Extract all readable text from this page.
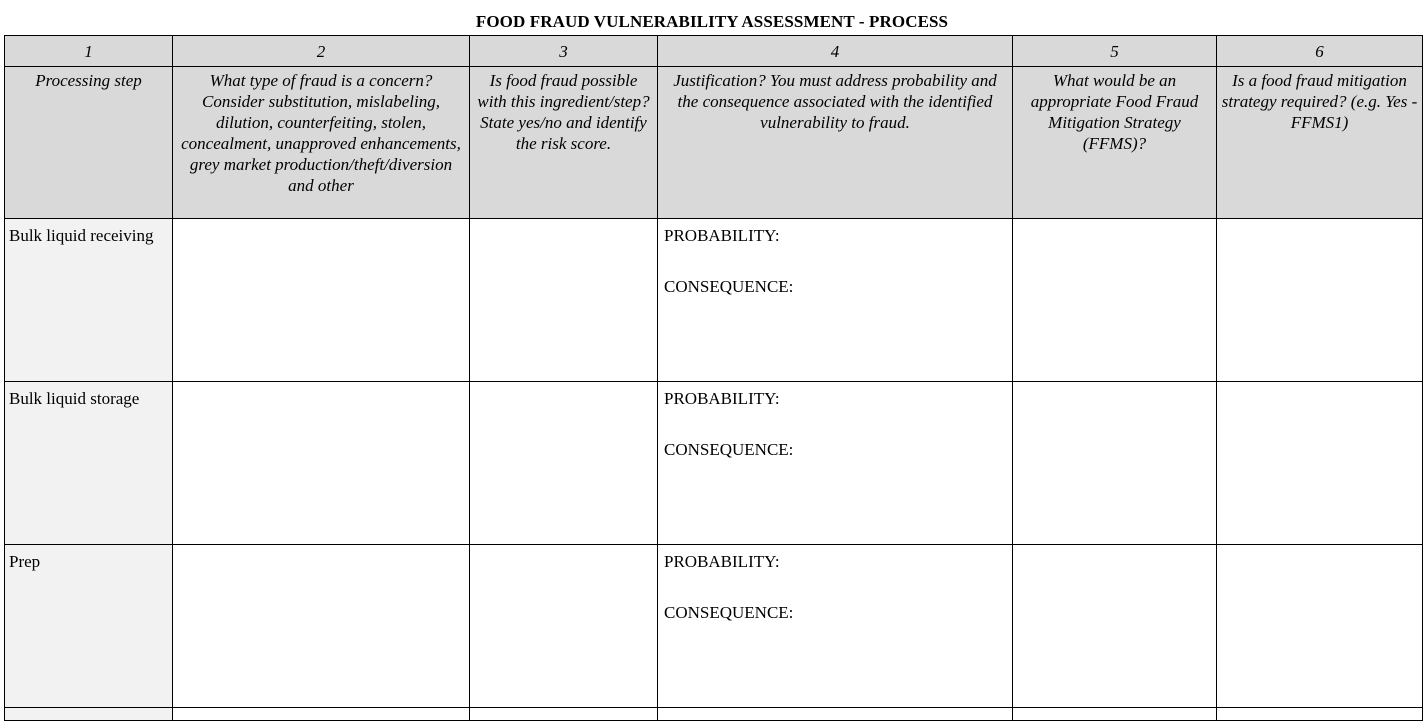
FOOD FRAUD VULNERABILITY ASSESSMENT - PROCESS
1	2	3	4	5	6
Processing step	What type of fraud is a concern? Consider substitution, mislabeling, dilution, counterfeiting, stolen, concealment, unapproved enhancements, grey market production/theft/diversion and other	Is food fraud possible with this ingredient/step? State yes/no and identify the risk score.	Justification? You must address probability and the consequence associated with the identified vulnerability to fraud.	What would be an appropriate Food Fraud Mitigation Strategy (FFMS)?	Is a food fraud mitigation strategy required? (e.g. Yes - FFMS1)
Bulk liquid receiving			PROBABILITY:
CONSEQUENCE:		

Bulk liquid storage			PROBABILITY:
CONSEQUENCE:		

Prep			PROBABILITY:
CONSEQUENCE:		
